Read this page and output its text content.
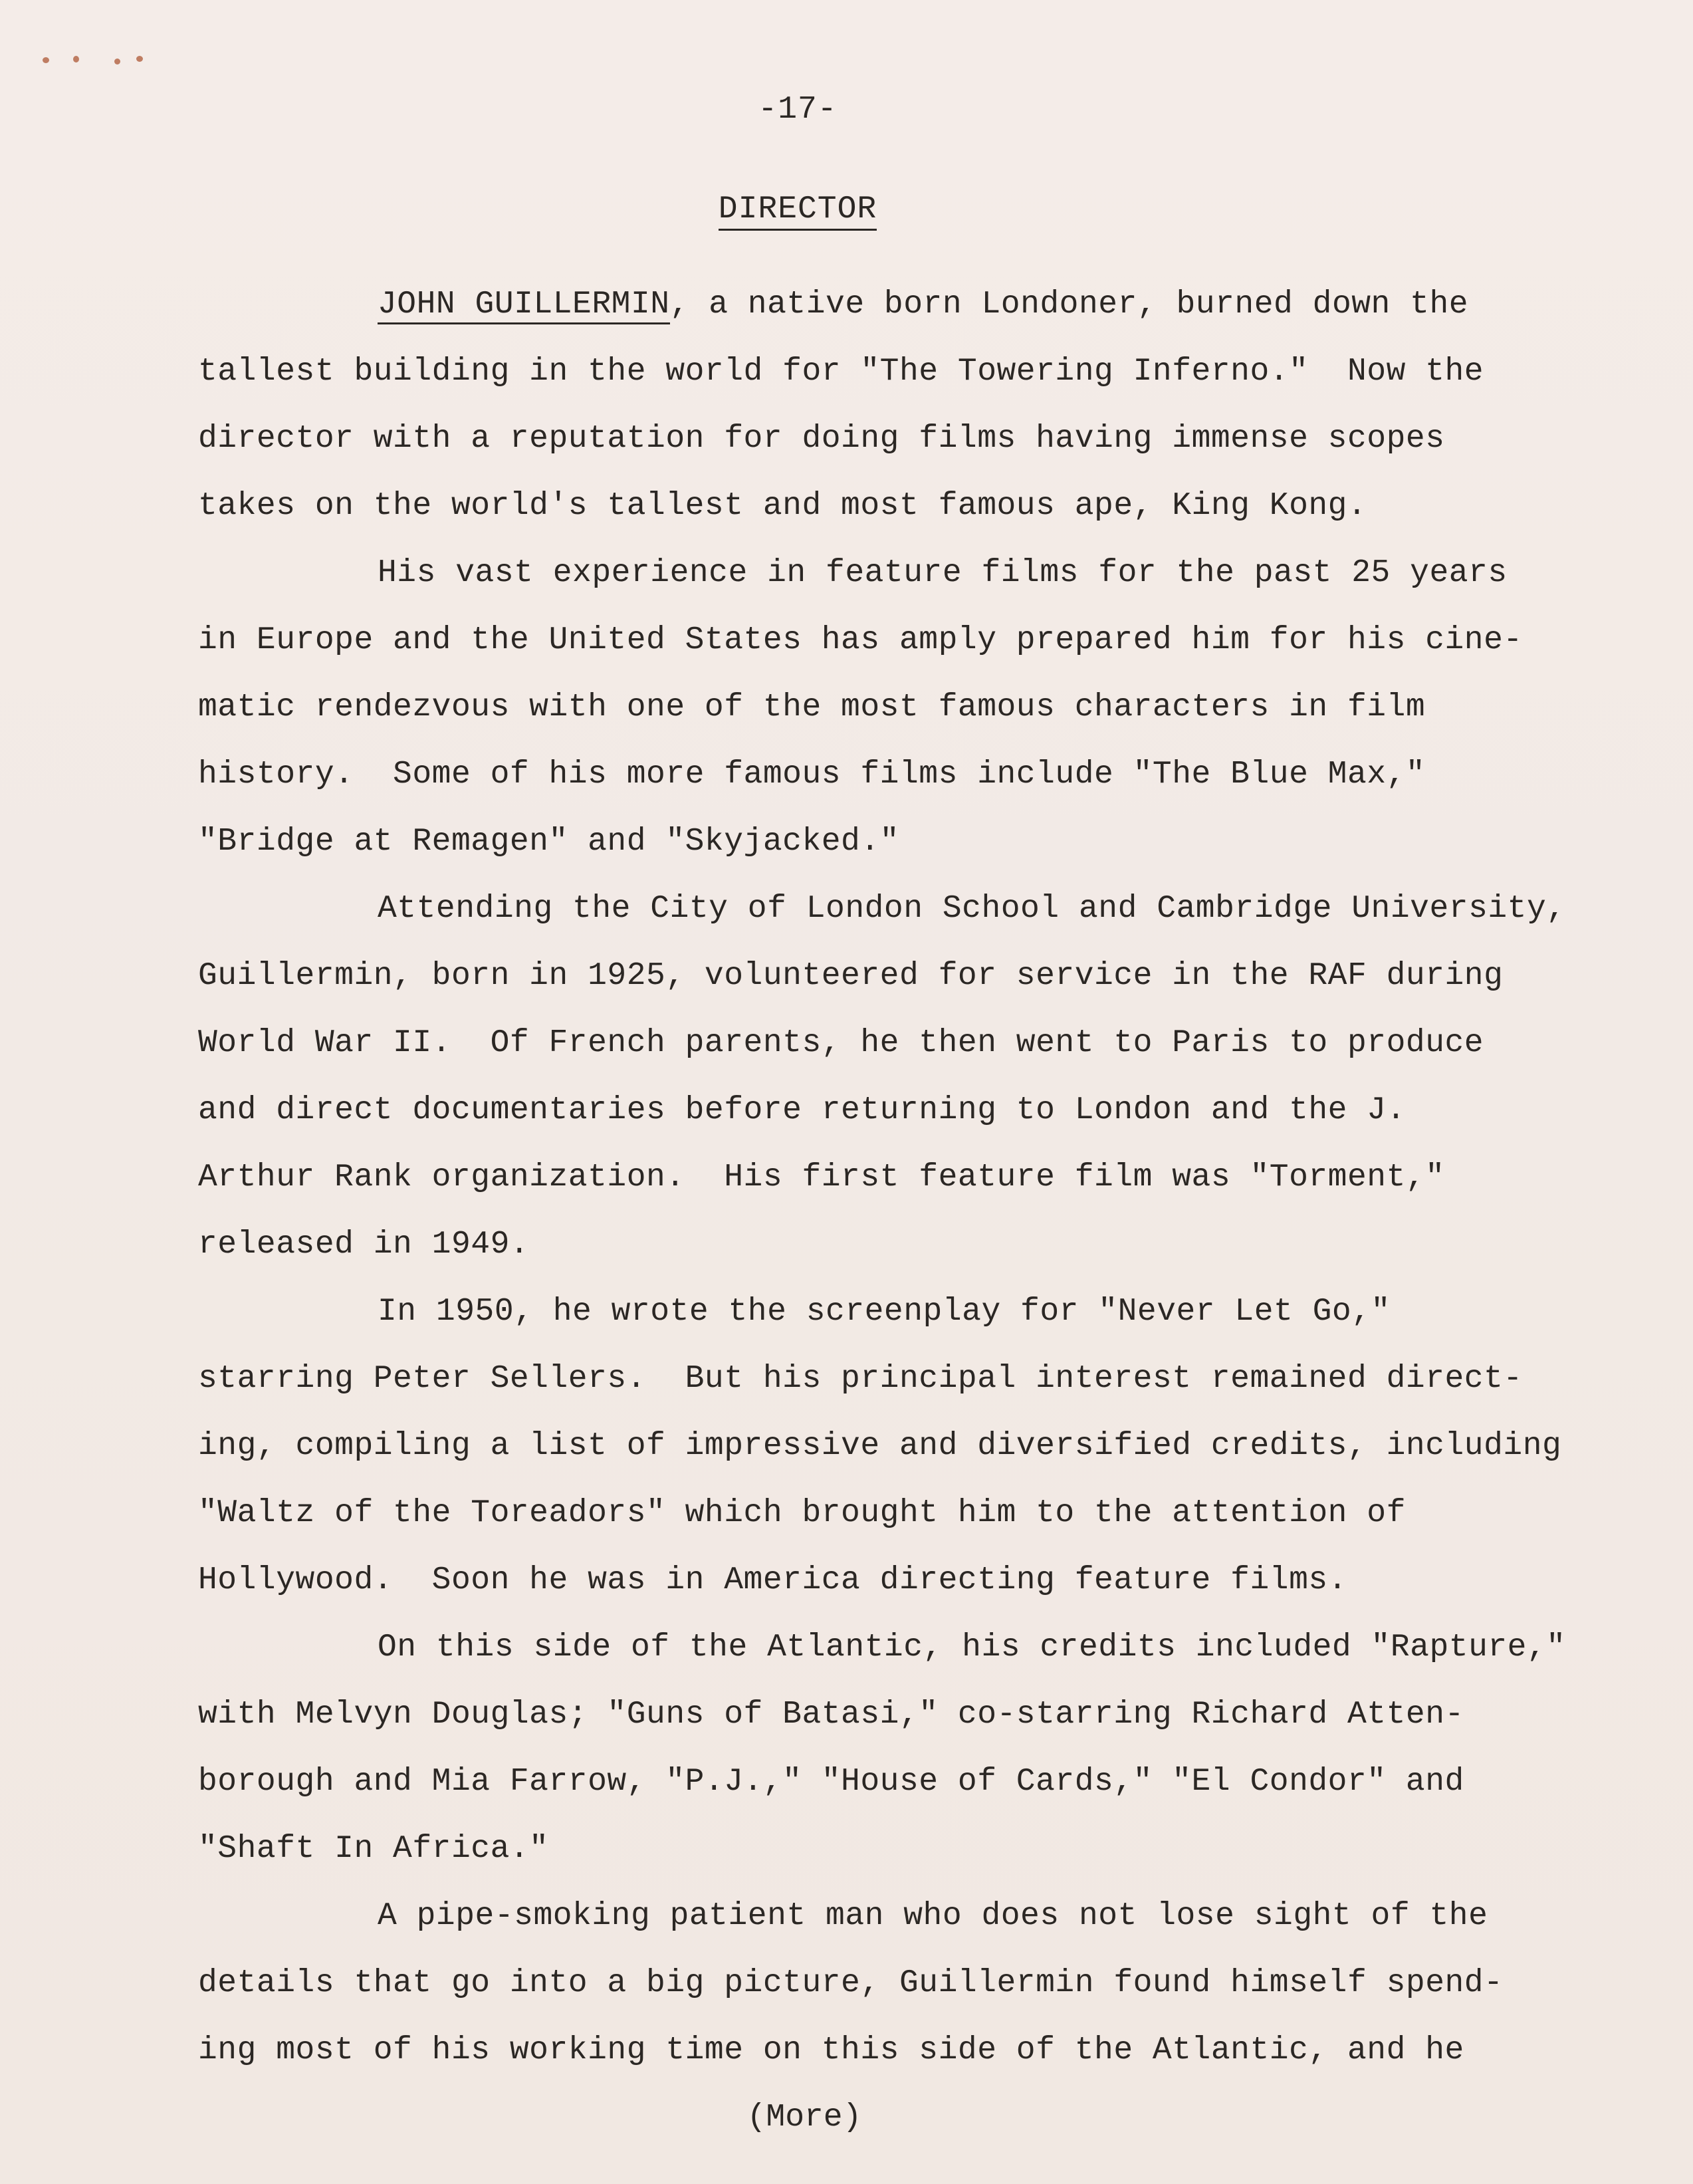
-17-
DIRECTOR
JOHN GUILLERMIN, a native born Londoner, burned down the
tallest building in the world for "The Towering Inferno."  Now the
director with a reputation for doing films having immense scopes
takes on the world's tallest and most famous ape, King Kong.
His vast experience in feature films for the past 25 years
in Europe and the United States has amply prepared him for his cine-
matic rendezvous with one of the most famous characters in film
history.  Some of his more famous films include "The Blue Max,"
"Bridge at Remagen" and "Skyjacked."
Attending the City of London School and Cambridge University,
Guillermin, born in 1925, volunteered for service in the RAF during
World War II.  Of French parents, he then went to Paris to produce
and direct documentaries before returning to London and the J.
Arthur Rank organization.  His first feature film was "Torment,"
released in 1949.
In 1950, he wrote the screenplay for "Never Let Go,"
starring Peter Sellers.  But his principal interest remained direct-
ing, compiling a list of impressive and diversified credits, including
"Waltz of the Toreadors" which brought him to the attention of
Hollywood.  Soon he was in America directing feature films.
On this side of the Atlantic, his credits included "Rapture,"
with Melvyn Douglas; "Guns of Batasi," co-starring Richard Atten-
borough and Mia Farrow, "P.J.," "House of Cards," "El Condor" and
"Shaft In Africa."
A pipe-smoking patient man who does not lose sight of the
details that go into a big picture, Guillermin found himself spend-
ing most of his working time on this side of the Atlantic, and he
(More)
